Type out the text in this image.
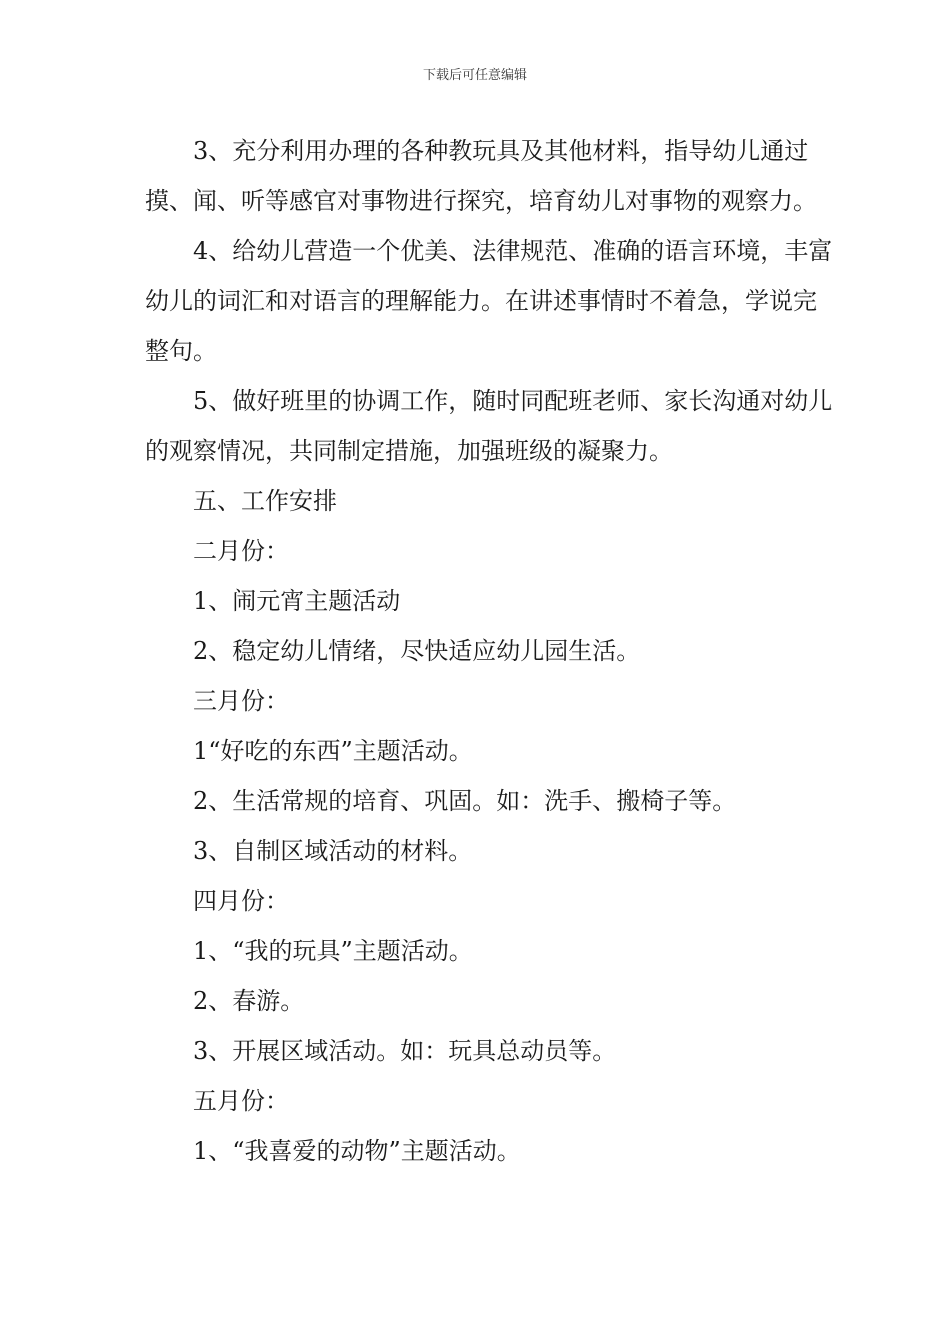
下载后可任意编辑

3、充分利用办理的各种教玩具及其他材料，指导幼儿通过摸、闻、听等感官对事物进行探究，培育幼儿对事物的观察力。

4、给幼儿营造一个优美、法律规范、准确的语言环境，丰富幼儿的词汇和对语言的理解能力。在讲述事情时不着急，学说完整句。

5、做好班里的协调工作，随时同配班老师、家长沟通对幼儿的观察情况，共同制定措施，加强班级的凝聚力。

五、工作安排

二月份：

1、闹元宵主题活动

2、稳定幼儿情绪，尽快适应幼儿园生活。

三月份：

1“好吃的东西”主题活动。

2、生活常规的培育、巩固。如：洗手、搬椅子等。

3、自制区域活动的材料。

四月份：

1、“我的玩具”主题活动。

2、春游。

3、开展区域活动。如：玩具总动员等。

五月份：

1、“我喜爱的动物”主题活动。
